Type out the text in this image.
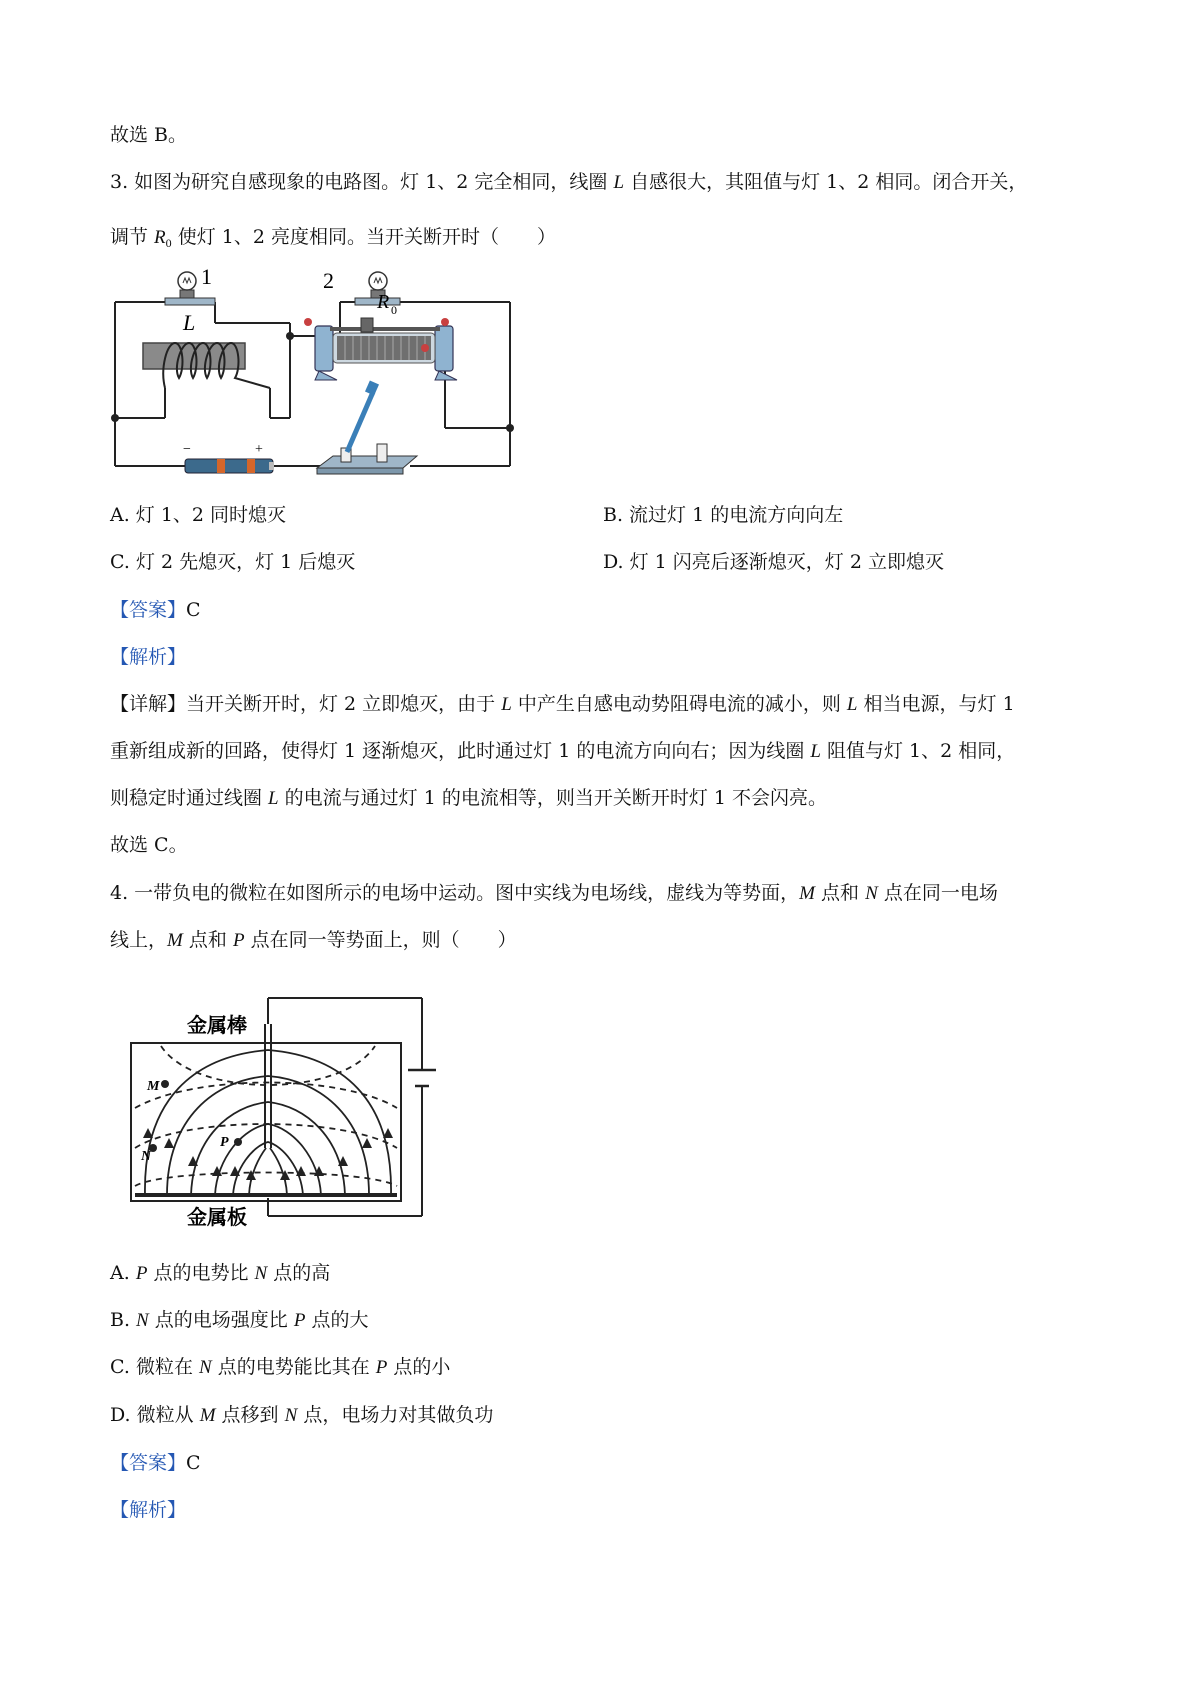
故选 B。
3. 如图为研究自感现象的电路图。灯 1、2 完全相同，线圈 L 自感很大，其阻值与灯 1、2 相同。闭合开关，
调节 $R_0$ 使灯 1、2 亮度相同。当开关断开时（　　）
1	2
L
R 0
−	+
A. 灯 1、2 同时熄灭	B. 流过灯 1 的电流方向向左
C. 灯 2 先熄灭，灯 1 后熄灭	D. 灯 1 闪亮后逐渐熄灭，灯 2 立即熄灭
【答案】C
【解析】
【详解】当开关断开时，灯 2 立即熄灭，由于 L 中产生自感电动势阻碍电流的减小，则 L 相当电源，与灯 1
重新组成新的回路，使得灯 1 逐渐熄灭，此时通过灯 1 的电流方向向右；因为线圈 L 阻值与灯 1、2 相同，
则稳定时通过线圈 L 的电流与通过灯 1 的电流相等，则当开关断开时灯 1 不会闪亮。
故选 C。
4. 一带负电的微粒在如图所示的电场中运动。图中实线为电场线，虚线为等势面，M 点和 N 点在同一电场
线上，M 点和 P 点在同一等势面上，则（　　）
M
N
P
金属棒
金属板
A. P 点的电势比 N 点的高
B. N 点的电场强度比 P 点的大
C. 微粒在 N 点的电势能比其在 P 点的小
D. 微粒从 M 点移到 N 点，电场力对其做负功
【答案】C
【解析】
